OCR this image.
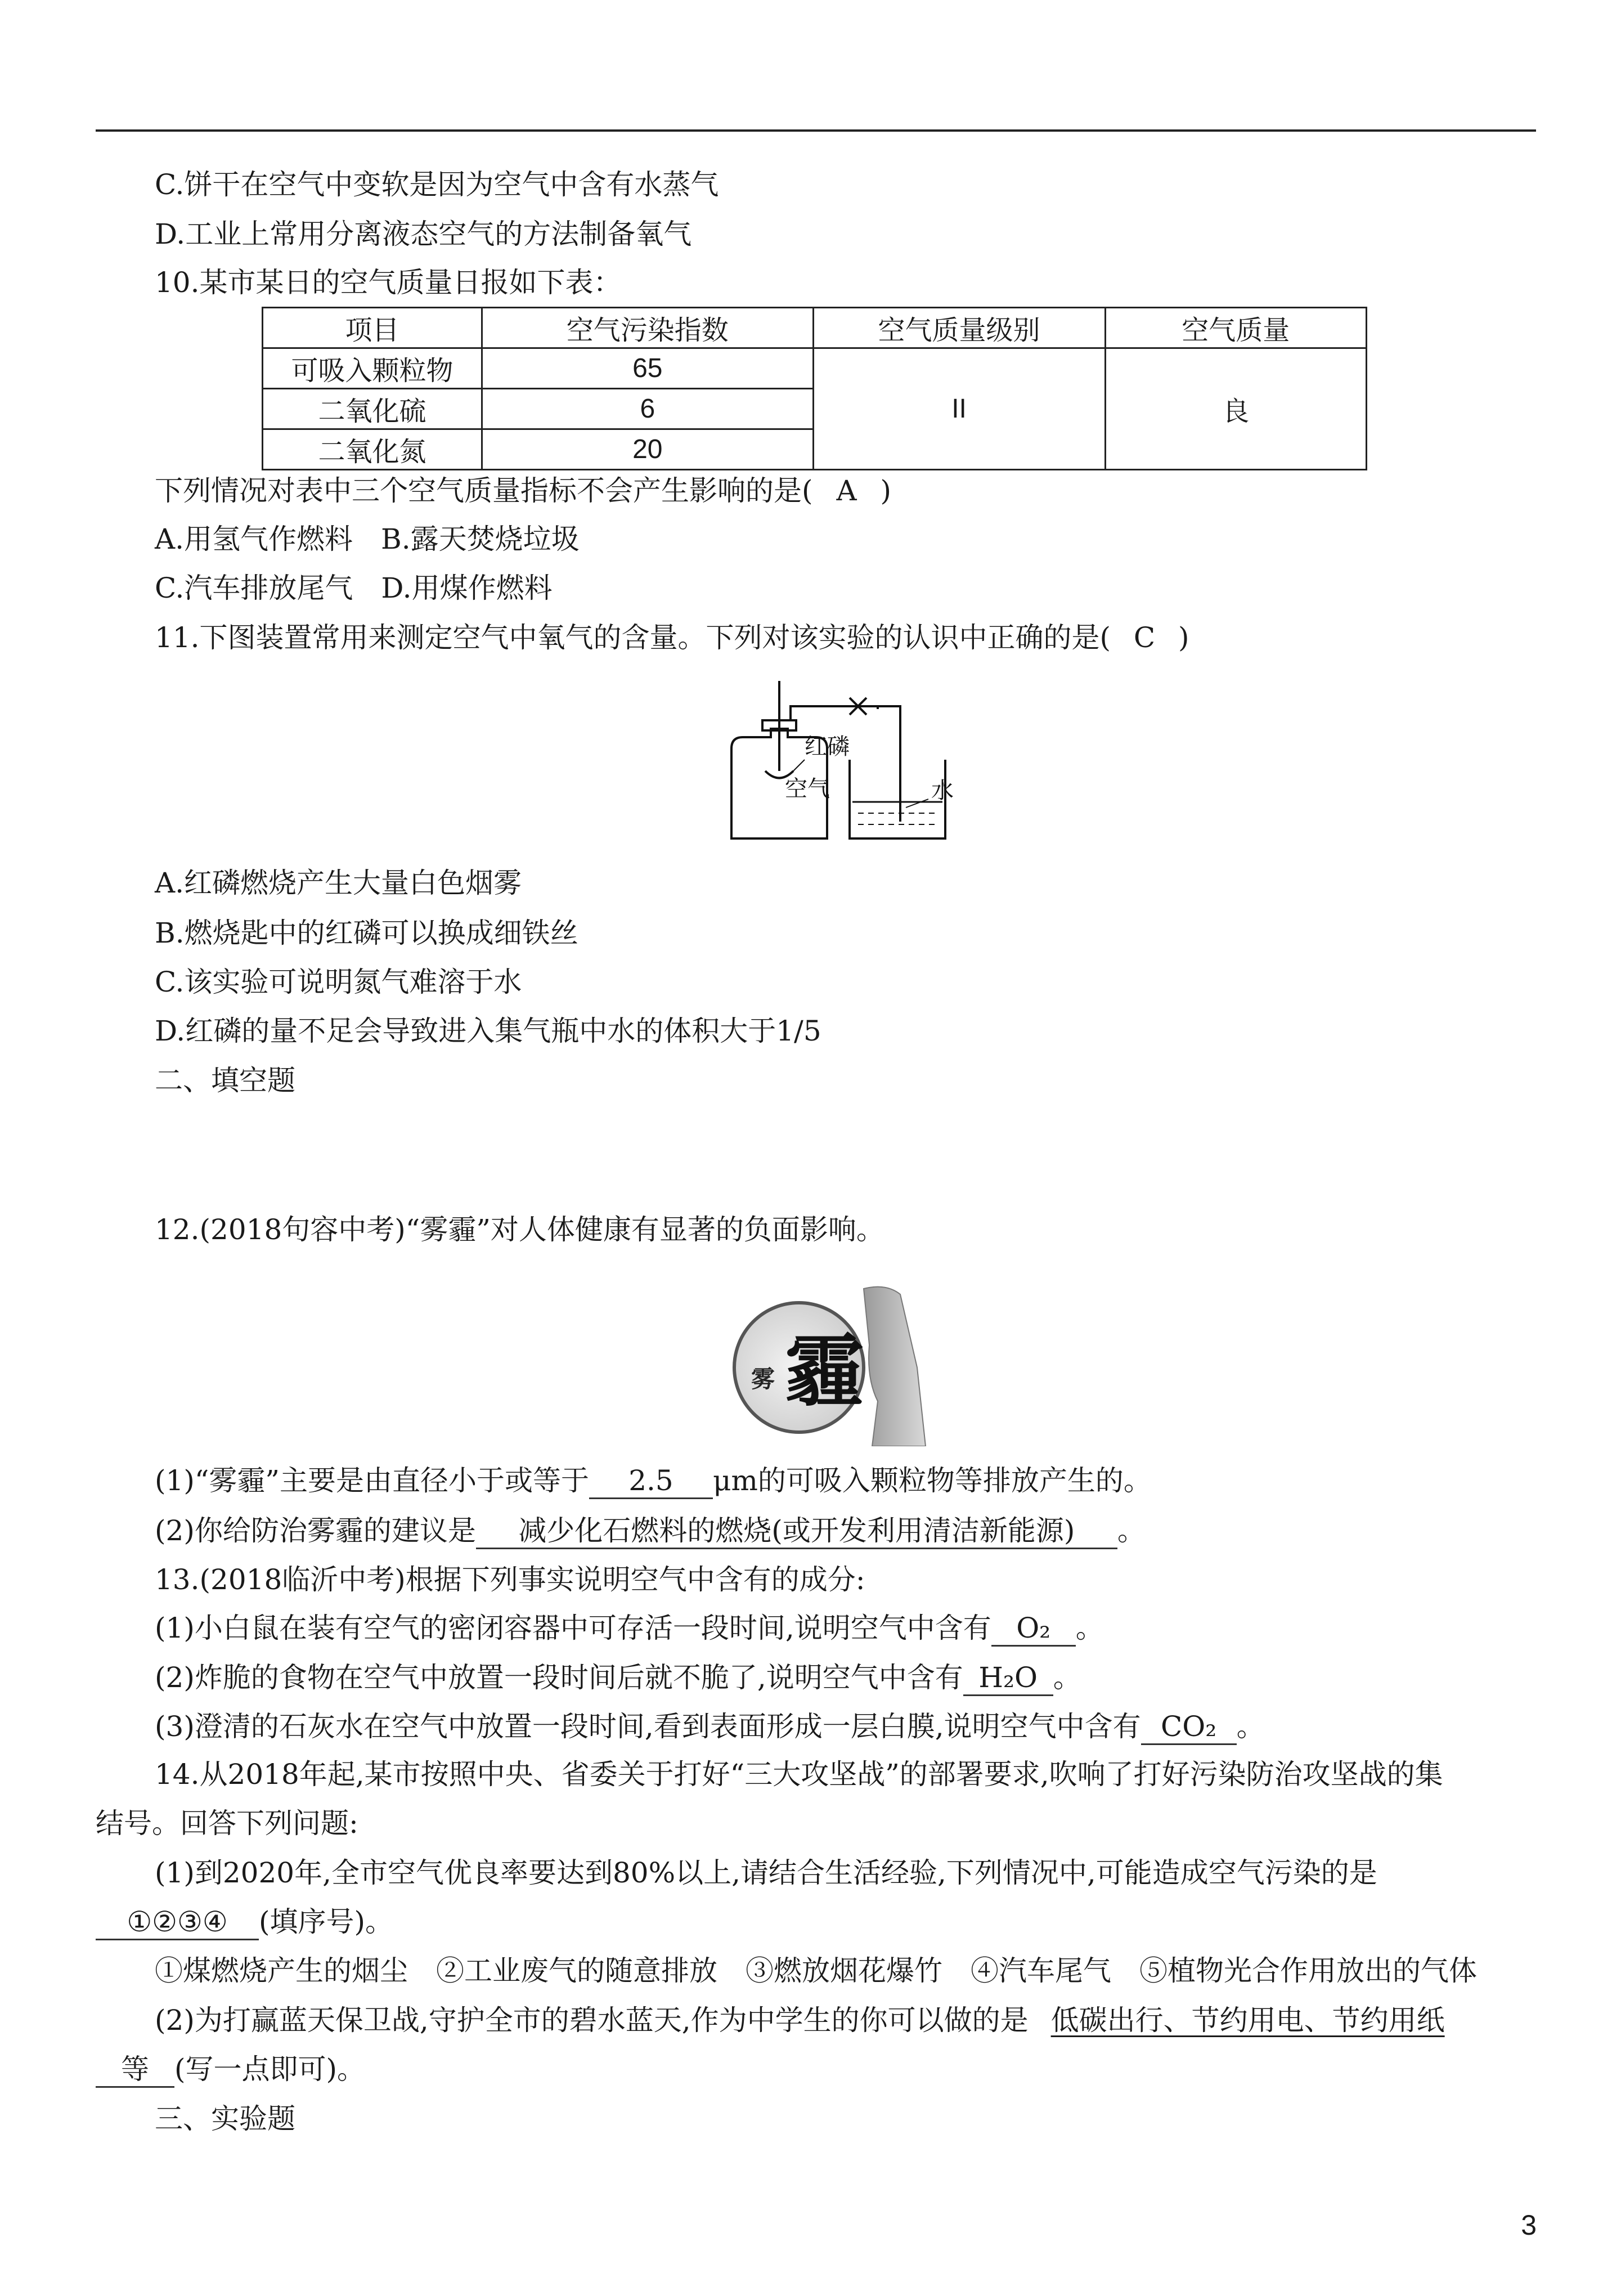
C.饼干在空气中变软是因为空气中含有水蒸气
D.工业上常用分离液态空气的方法制备氧气
10.某市某日的空气质量日报如下表：
项目	空气污染指数	空气质量级别	空气质量
可吸入颗粒物	65	II	良
二氧化硫	6		
二氧化氮	20		
下列情况对表中三个空气质量指标不会产生影响的是( A )
A.用氢气作燃料　B.露天焚烧垃圾
C.汽车排放尾气　D.用煤作燃料
11.下图装置常用来测定空气中氧气的含量。下列对该实验的认识中正确的是( C )
红磷
空气	水
A.红磷燃烧产生大量白色烟雾
B.燃烧匙中的红磷可以换成细铁丝
C.该实验可说明氮气难溶于水
D.红磷的量不足会导致进入集气瓶中水的体积大于1/5
二、填空题
12.(2018句容中考)“雾霾”对人体健康有显著的负面影响。
雾 霾
(1)“雾霾”主要是由直径小于或等于 2.5 μm的可吸入颗粒物等排放产生的。
(2)你给防治雾霾的建议是 减少化石燃料的燃烧(或开发利用清洁新能源) 。
13.(2018临沂中考)根据下列事实说明空气中含有的成分:
(1)小白鼠在装有空气的密闭容器中可存活一段时间,说明空气中含有 O₂ 。
(2)炸脆的食物在空气中放置一段时间后就不脆了,说明空气中含有 H₂O 。
(3)澄清的石灰水在空气中放置一段时间,看到表面形成一层白膜,说明空气中含有 CO₂ 。
14.从2018年起,某市按照中央、省委关于打好“三大攻坚战”的部署要求,吹响了打好污染防治攻坚战的集
结号。回答下列问题:
(1)到2020年,全市空气优良率要达到80%以上,请结合生活经验,下列情况中,可能造成空气污染的是
①②③④ (填序号)。
①煤燃烧产生的烟尘　②工业废气的随意排放　③燃放烟花爆竹　④汽车尾气　⑤植物光合作用放出的气体
(2)为打赢蓝天保卫战,守护全市的碧水蓝天,作为中学生的你可以做的是 低碳出行、节约用电、节约用纸
等 (写一点即可)。
三、实验题
3
